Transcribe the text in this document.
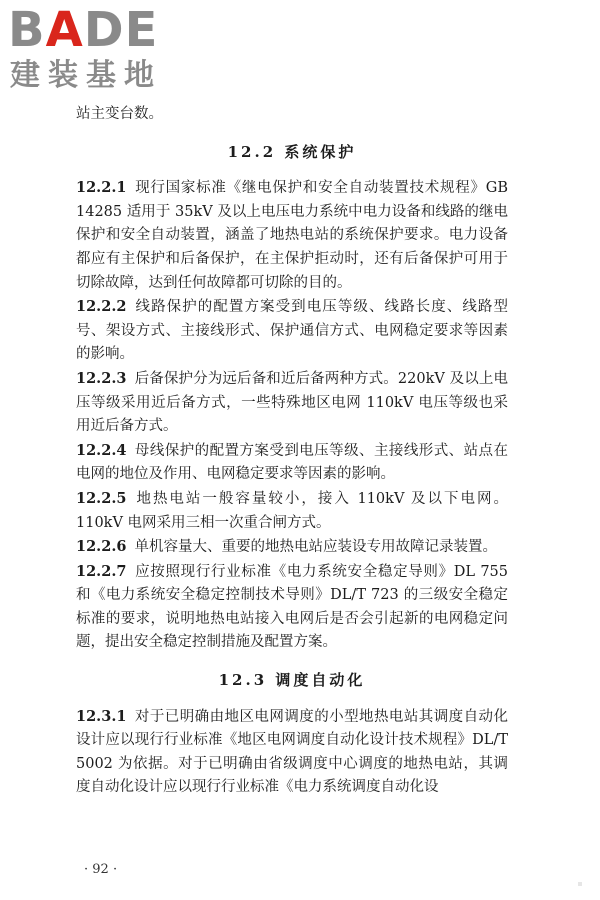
BADE
建装基地

站主变台数。

12.2 系统保护

12.2.1 现行国家标准《继电保护和安全自动装置技术规程》GB 14285 适用于 35kV 及以上电压电力系统中电力设备和线路的继电保护和安全自动装置，涵盖了地热电站的系统保护要求。电力设备都应有主保护和后备保护，在主保护拒动时，还有后备保护可用于切除故障，达到任何故障都可切除的目的。

12.2.2 线路保护的配置方案受到电压等级、线路长度、线路型号、架设方式、主接线形式、保护通信方式、电网稳定要求等因素的影响。

12.2.3 后备保护分为远后备和近后备两种方式。220kV 及以上电压等级采用近后备方式，一些特殊地区电网 110kV 电压等级也采用近后备方式。

12.2.4 母线保护的配置方案受到电压等级、主接线形式、站点在电网的地位及作用、电网稳定要求等因素的影响。

12.2.5 地热电站一般容量较小，接入 110kV 及以下电网。110kV 电网采用三相一次重合闸方式。

12.2.6 单机容量大、重要的地热电站应装设专用故障记录装置。

12.2.7 应按照现行行业标准《电力系统安全稳定导则》DL 755 和《电力系统安全稳定控制技术导则》DL/T 723 的三级安全稳定标准的要求，说明地热电站接入电网后是否会引起新的电网稳定问题，提出安全稳定控制措施及配置方案。

12.3 调度自动化

12.3.1 对于已明确由地区电网调度的小型地热电站其调度自动化设计应以现行行业标准《地区电网调度自动化设计技术规程》DL/T 5002 为依据。对于已明确由省级调度中心调度的地热电站，其调度自动化设计应以现行行业标准《电力系统调度自动化设

· 92 ·
